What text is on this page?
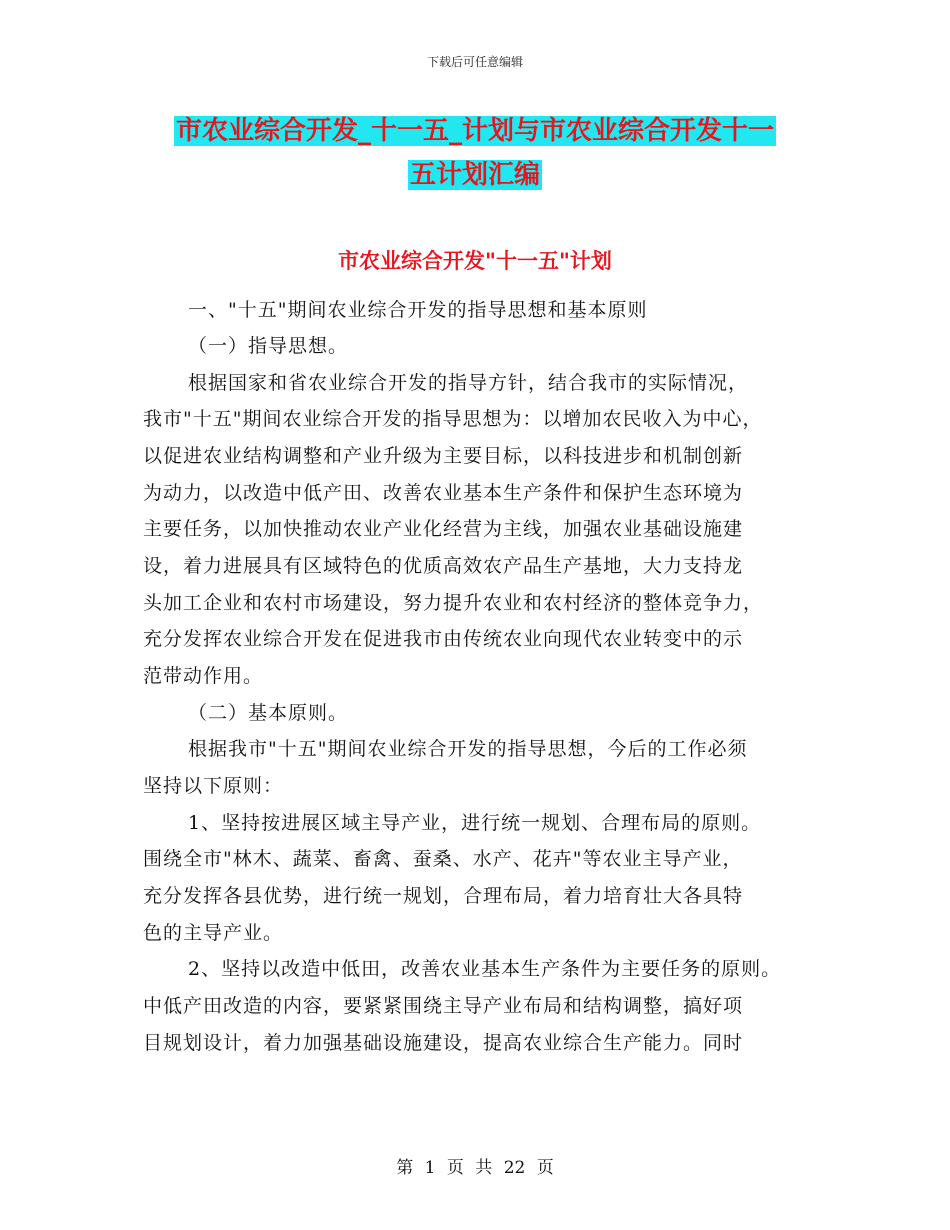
下载后可任意编辑
市农业综合开发_十一五_计划与市农业综合开发十一
五计划汇编
市农业综合开发"十一五"计划
一、"十五"期间农业综合开发的指导思想和基本原则
（一）指导思想。
根据国家和省农业综合开发的指导方针，结合我市的实际情况，
我市"十五"期间农业综合开发的指导思想为：以增加农民收入为中心，
以促进农业结构调整和产业升级为主要目标，以科技进步和机制创新
为动力，以改造中低产田、改善农业基本生产条件和保护生态环境为
主要任务，以加快推动农业产业化经营为主线，加强农业基础设施建
设，着力进展具有区域特色的优质高效农产品生产基地，大力支持龙
头加工企业和农村市场建设，努力提升农业和农村经济的整体竞争力，
充分发挥农业综合开发在促进我市由传统农业向现代农业转变中的示
范带动作用。
（二）基本原则。
根据我市"十五"期间农业综合开发的指导思想，今后的工作必须
坚持以下原则：
1、坚持按进展区域主导产业，进行统一规划、合理布局的原则。
围绕全市"林木、蔬菜、畜禽、蚕桑、水产、花卉"等农业主导产业，
充分发挥各县优势，进行统一规划，合理布局，着力培育壮大各具特
色的主导产业。
2、坚持以改造中低田，改善农业基本生产条件为主要任务的原则。
中低产田改造的内容，要紧紧围绕主导产业布局和结构调整，搞好项
目规划设计，着力加强基础设施建设，提高农业综合生产能力。同时
第 1 页 共 22 页
